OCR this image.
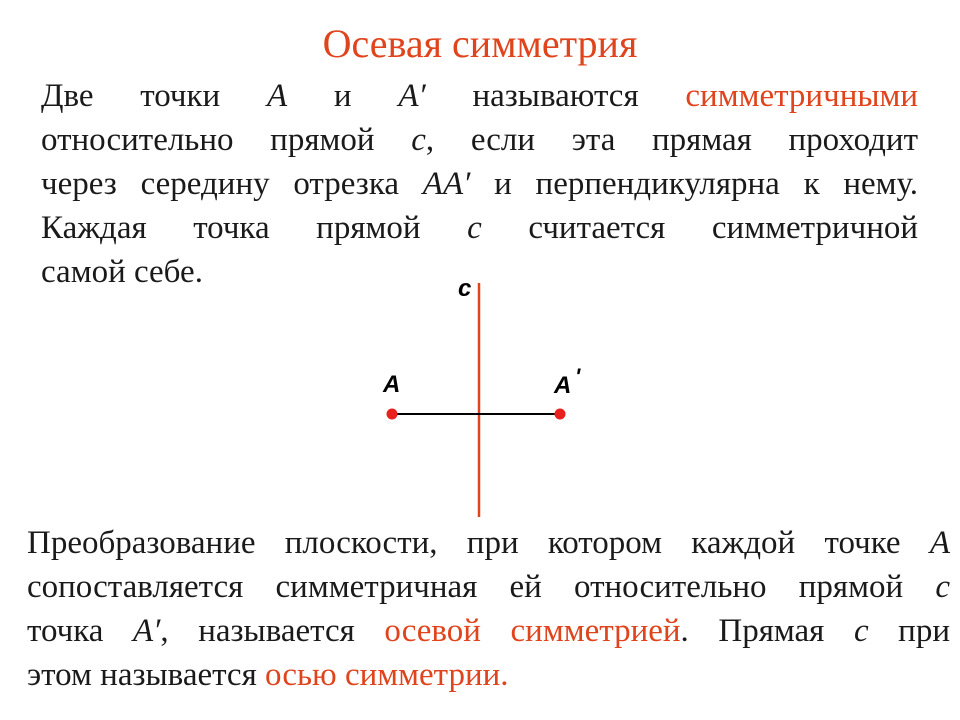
Осевая симметрия

Две точки A и A′ называются симметричными
относительно прямой c, если эта прямая проходит
через середину отрезка AA′ и перпендикулярна к нему.
Каждая точка прямой c считается симметричной
самой себе.	c
A	A '

Преобразование плоскости, при котором каждой точке A
сопоставляется симметричная ей относительно прямой c
точка A′, называется осевой симметрией. Прямая c при
этом называется осью симметрии.
